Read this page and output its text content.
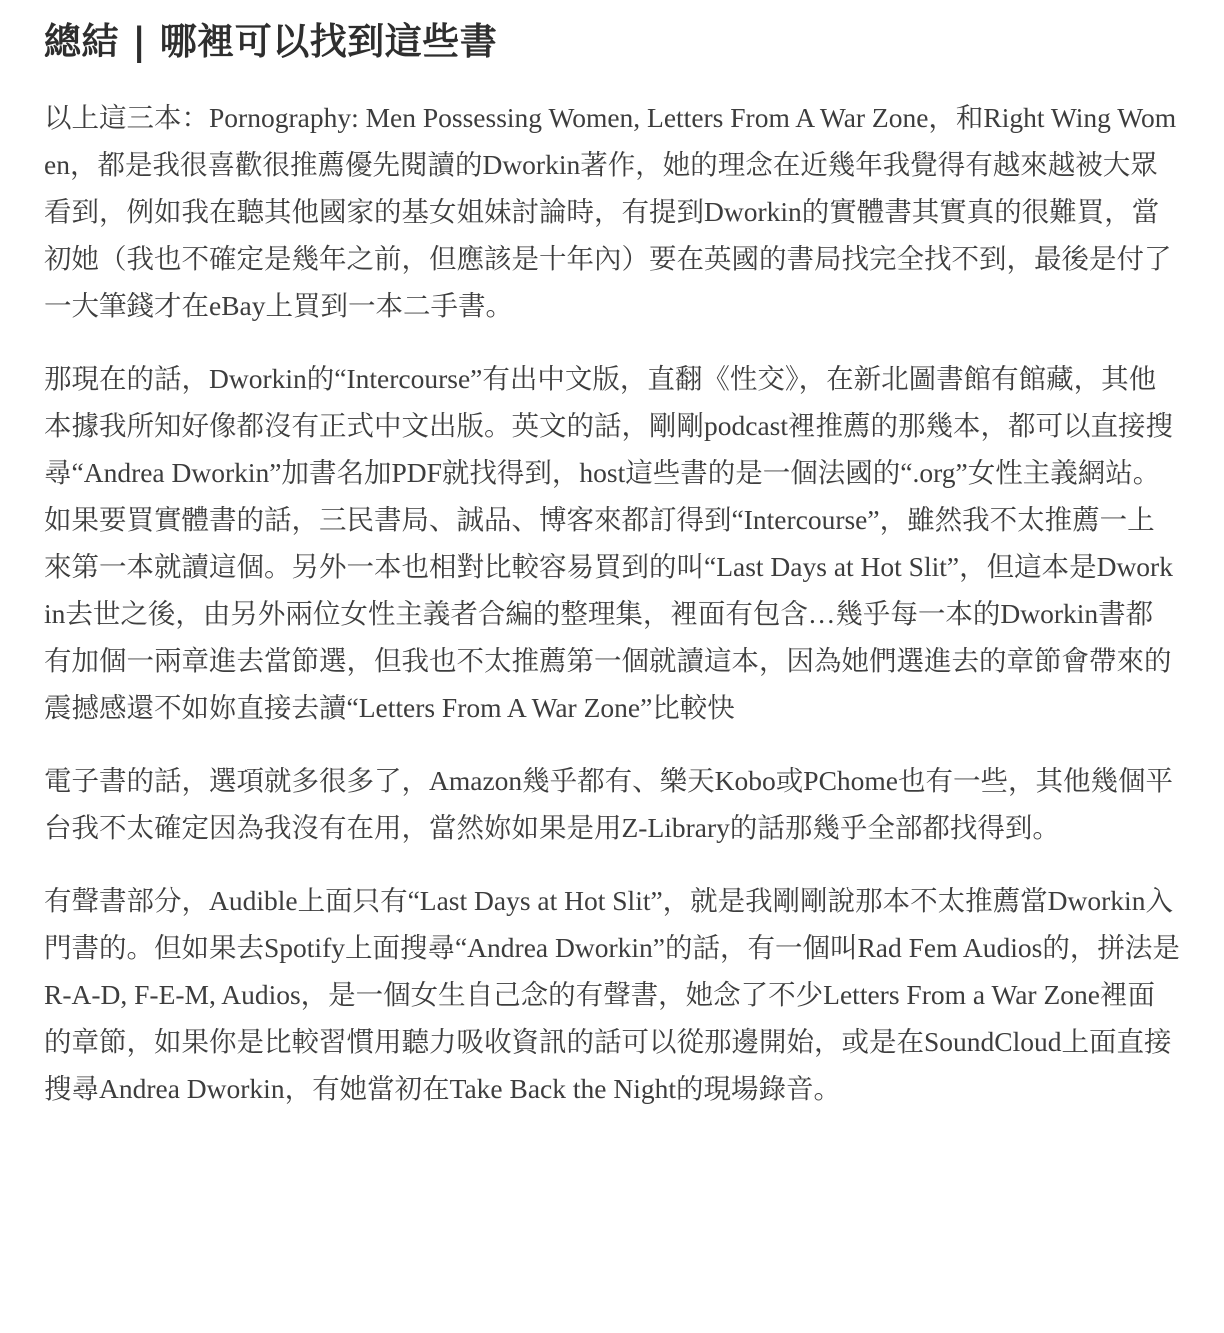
總結 | 哪裡可以找到這些書

以上這三本：Pornography: Men Possessing Women, Letters From A War Zone，和Right Wing Women，都是我很喜歡很推薦優先閱讀的Dworkin著作，她的理念在近幾年我覺得有越來越被大眾看到，例如我在聽其他國家的基女姐妹討論時，有提到Dworkin的實體書其實真的很難買，當初她（我也不確定是幾年之前，但應該是十年內）要在英國的書局找完全找不到，最後是付了一大筆錢才在eBay上買到一本二手書。

那現在的話，Dworkin的“Intercourse”有出中文版，直翻《性交》，在新北圖書館有館藏，其他本據我所知好像都沒有正式中文出版。英文的話，剛剛podcast裡推薦的那幾本，都可以直接搜尋“Andrea Dworkin”加書名加PDF就找得到，host這些書的是一個法國的“.org”女性主義網站。如果要買實體書的話，三民書局、誠品、博客來都訂得到“Intercourse”，雖然我不太推薦一上來第一本就讀這個。另外一本也相對比較容易買到的叫“Last Days at Hot Slit”，但這本是Dworkin去世之後，由另外兩位女性主義者合編的整理集，裡面有包含…幾乎每一本的Dworkin書都有加個一兩章進去當節選，但我也不太推薦第一個就讀這本，因為她們選進去的章節會帶來的震撼感還不如妳直接去讀“Letters From A War Zone”比較快

電子書的話，選項就多很多了，Amazon幾乎都有、樂天Kobo或PChome也有一些，其他幾個平台我不太確定因為我沒有在用，當然妳如果是用Z-Library的話那幾乎全部都找得到。

有聲書部分，Audible上面只有“Last Days at Hot Slit”，就是我剛剛說那本不太推薦當Dworkin入門書的。但如果去Spotify上面搜尋“Andrea Dworkin”的話，有一個叫Rad Fem Audios的，拼法是R-A-D, F-E-M, Audios，是一個女生自己念的有聲書，她念了不少Letters From a War Zone裡面的章節，如果你是比較習慣用聽力吸收資訊的話可以從那邊開始，或是在SoundCloud上面直接搜尋Andrea Dworkin，有她當初在Take Back the Night的現場錄音。
